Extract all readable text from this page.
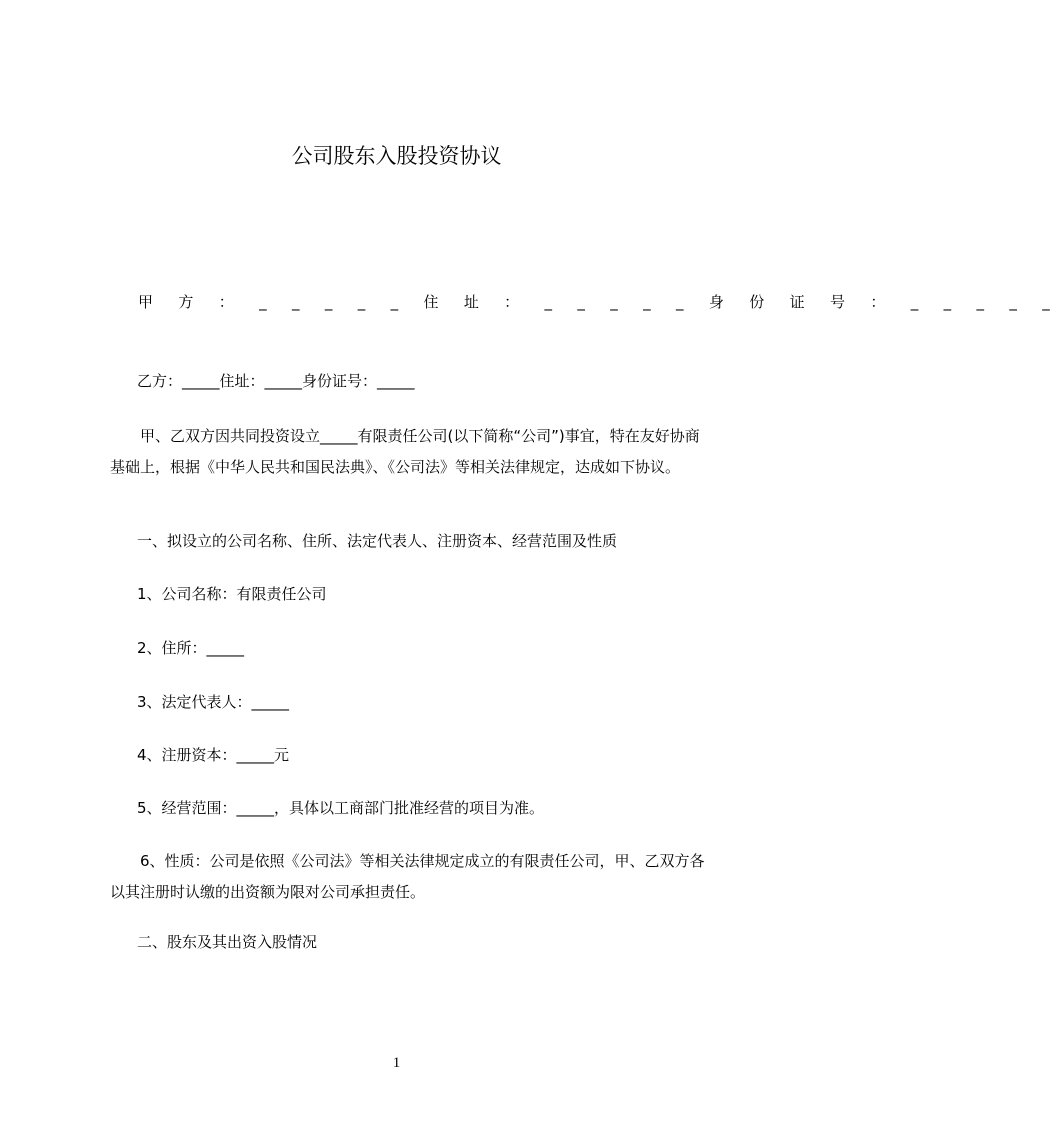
公司股东入股投资协议
甲 方 ： _ _ _ _ _ 住 址 ： _ _ _ _ _ 身 份 证 号 ： _ _ _ _ _
乙方：_____住址：_____身份证号：_____
甲、乙双方因共同投资设立_____有限责任公司(以下简称“公司”)事宜，特在友好协商基础上，根据《中华人民共和国民法典》、《公司法》等相关法律规定，达成如下协议。
一、拟设立的公司名称、住所、法定代表人、注册资本、经营范围及性质
1、公司名称：有限责任公司
2、住所：_____
3、法定代表人：_____
4、注册资本：_____元
5、经营范围：_____，具体以工商部门批准经营的项目为准。
6、性质：公司是依照《公司法》等相关法律规定成立的有限责任公司，甲、乙双方各以其注册时认缴的出资额为限对公司承担责任。
二、股东及其出资入股情况
1
